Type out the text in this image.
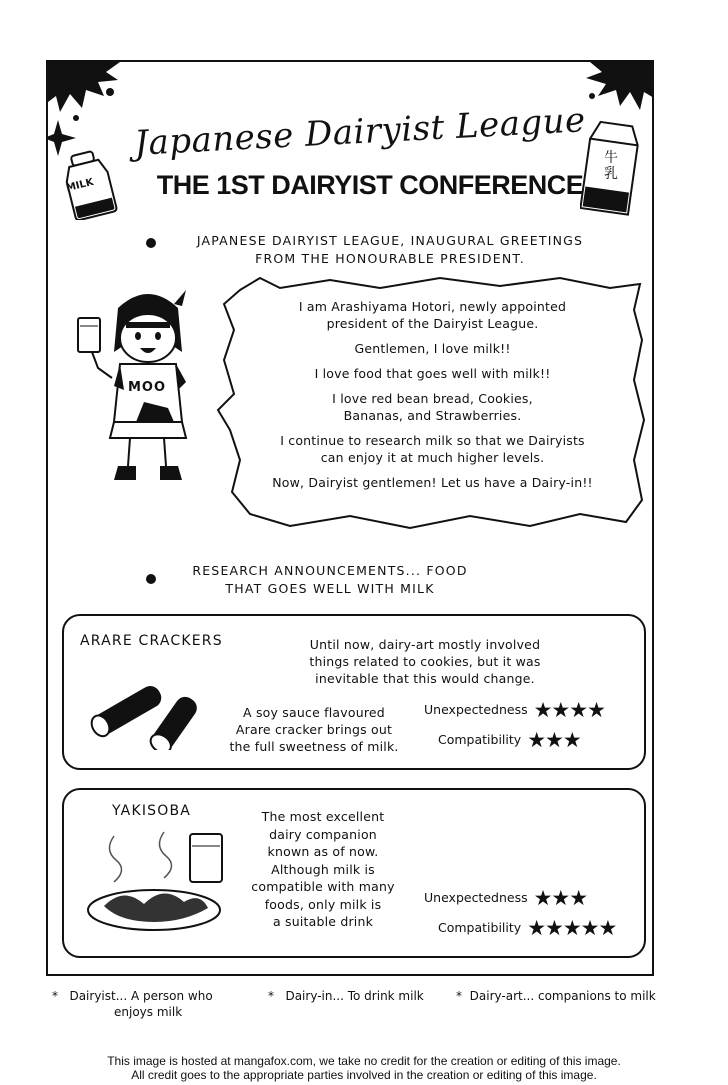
MILK
牛
乳
Japanese Dairyist League
THE 1ST DAIRYIST CONFERENCE
JAPANESE DAIRYIST LEAGUE, INAUGURAL GREETINGS
FROM THE HONOURABLE PRESIDENT.
MOO

I am Arashiyama Hotori, newly appointed
president of the Dairyist League.

Gentlemen, I love milk!!

I love food that goes well with milk!!

I love red bean bread, Cookies,
Bananas, and Strawberries.

I continue to research milk so that we Dairyists
can enjoy it at much higher levels.

Now, Dairyist gentlemen! Let us have a Dairy-in!!

RESEARCH ANNOUNCEMENTS... FOOD
THAT GOES WELL WITH MILK
ARARE CRACKERS	Until now, dairy-art mostly involved
things related to cookies, but it was
inevitable that this would change.
A soy sauce flavoured
Arare cracker brings out
the full sweetness of milk.
Unexpectedness ★★★★
Compatibility ★★★
YAKISOBA	The most excellent
dairy companion
known as of now.
Although milk is
compatible with many
foods, only milk is
a suitable drink
Unexpectedness ★★★
Compatibility ★★★★★
* Dairyist... A person who
enjoys milk
* Dairy-in... To drink milk	* Dairy-art... companions to milk
This image is hosted at mangafox.com, we take no credit for the creation or editing of this image.
All credit goes to the appropriate parties involved in the creation or editing of this image.
